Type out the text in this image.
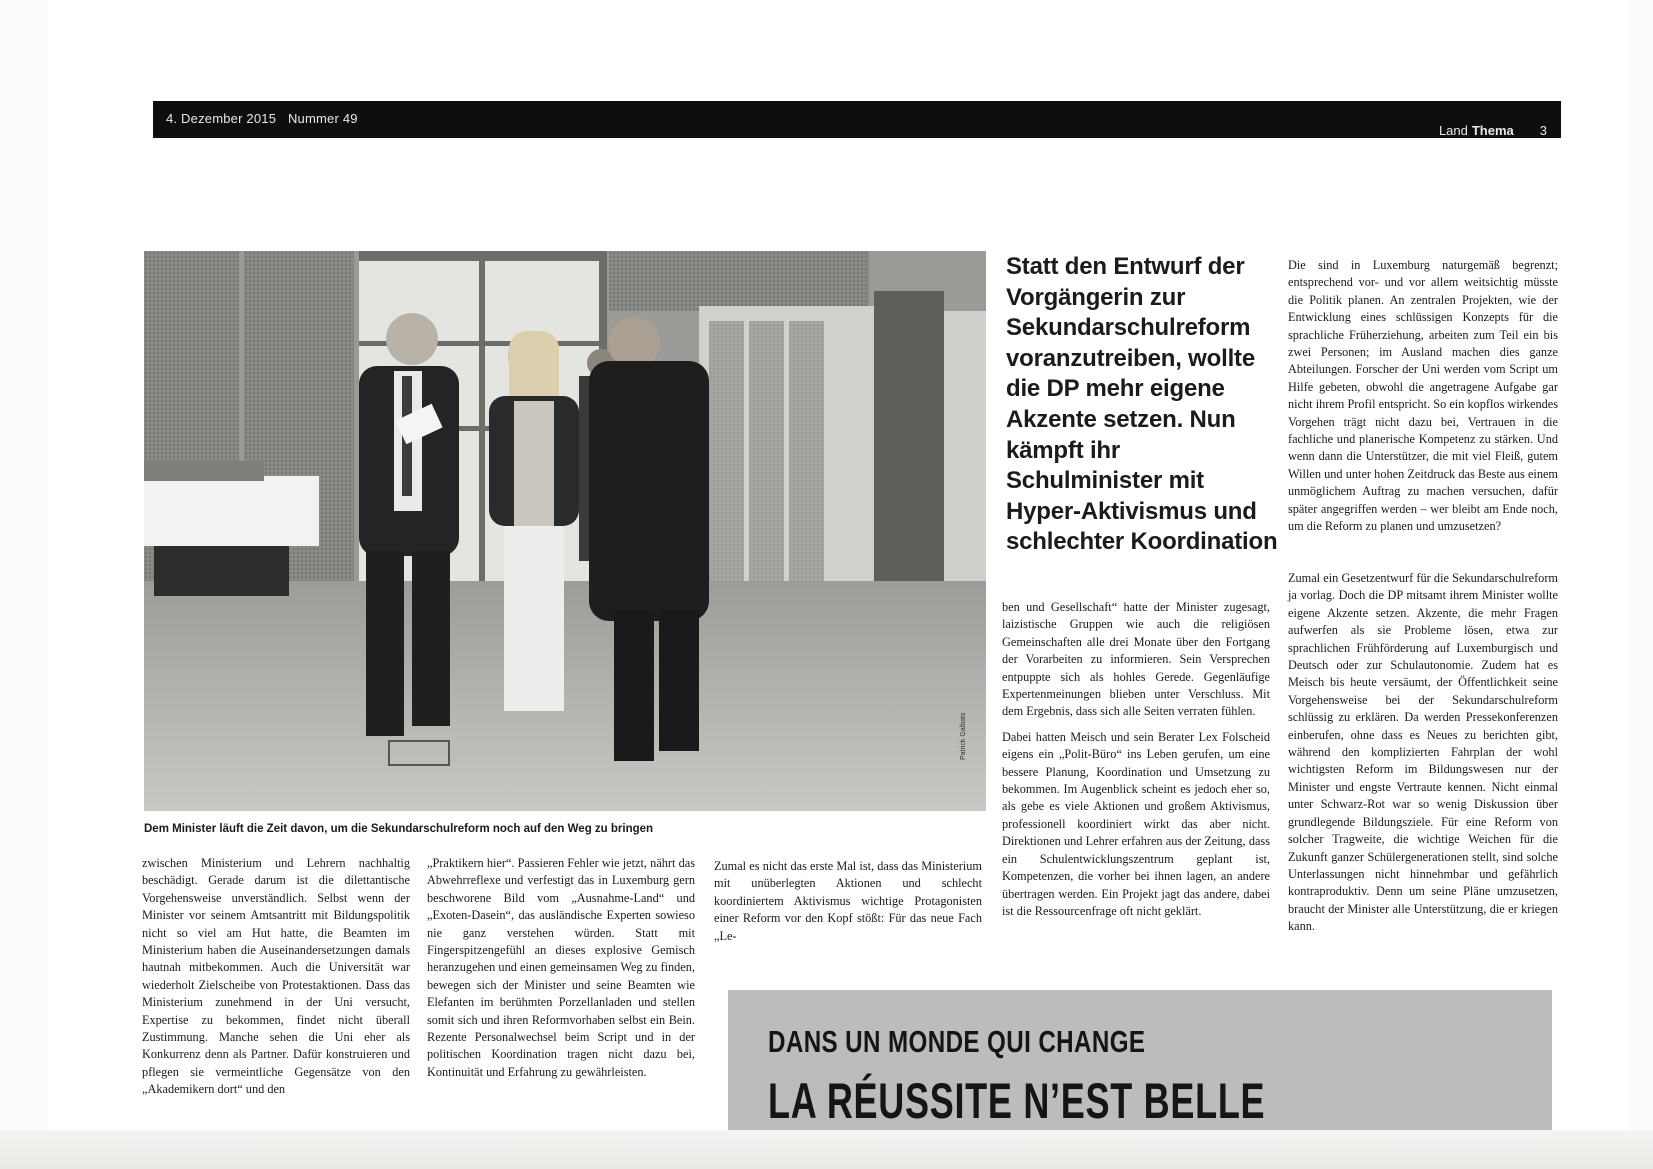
4. Dezember 2015 Nummer 49
Land Thema 3
Patrick Galbats
Dem Minister läuft die Zeit davon, um die Sekundarschulreform noch auf den Weg zu bringen
Statt den Entwurf der Vorgängerin zur Sekundarschulreform voranzutreiben, wollte die DP mehr eigene Akzente setzen. Nun kämpft ihr Schulminister mit Hyper-Aktivismus und schlechter Koordination

zwischen Ministerium und Lehrern nachhaltig beschädigt. Gerade darum ist die dilettantische Vorgehensweise unverständlich. Selbst wenn der Minister vor seinem Amtsantritt mit Bildungspolitik nicht so viel am Hut hatte, die Beamten im Ministerium haben die Auseinandersetzungen damals hautnah mitbekommen. Auch die Universität war wiederholt Zielscheibe von Protestaktionen. Dass das Ministerium zunehmend in der Uni versucht, Expertise zu bekommen, findet nicht überall Zustimmung. Manche sehen die Uni eher als Konkurrenz denn als Partner. Dafür konstruieren und pflegen sie vermeintliche Gegensätze von den „Akademikern dort“ und den

„Praktikern hier“. Passieren Fehler wie jetzt, nährt das Abwehrreflexe und verfestigt das in Luxemburg gern beschworene Bild vom „Ausnahme-Land“ und „Exoten-Dasein“, das ausländische Experten sowieso nie ganz verstehen würden. Statt mit Fingerspitzengefühl an dieses explosive Gemisch heranzugehen und einen gemeinsamen Weg zu finden, bewegen sich der Minister und seine Beamten wie Elefanten im berühmten Porzellanladen und stellen somit sich und ihren Reformvorhaben selbst ein Bein. Rezente Personalwechsel beim Script und in der politischen Koordination tragen nicht dazu bei, Kontinuität und Erfahrung zu gewährleisten.

Zumal es nicht das erste Mal ist, dass das Ministerium mit unüberlegten Aktionen und schlecht koordiniertem Aktivismus wichtige Protagonisten einer Reform vor den Kopf stößt: Für das neue Fach „Le-

ben und Gesellschaft“ hatte der Minister zugesagt, laizistische Gruppen wie auch die religiösen Gemeinschaften alle drei Monate über den Fortgang der Vorarbeiten zu informieren. Sein Versprechen entpuppte sich als hohles Gerede. Gegenläufige Expertenmeinungen blieben unter Verschluss. Mit dem Ergebnis, dass sich alle Seiten verraten fühlen.

Dabei hatten Meisch und sein Berater Lex Folscheid eigens ein „Polit-Büro“ ins Leben gerufen, um eine bessere Planung, Koordination und Umsetzung zu bekommen. Im Augenblick scheint es jedoch eher so, als gebe es viele Aktionen und großem Aktivismus, professionell koordiniert wirkt das aber nicht. Direktionen und Lehrer erfahren aus der Zeitung, dass ein Schulentwicklungszentrum geplant ist, Kompetenzen, die vorher bei ihnen lagen, an andere übertragen werden. Ein Projekt jagt das andere, dabei ist die Ressourcenfrage oft nicht geklärt.

Die sind in Luxemburg naturgemäß begrenzt; entsprechend vor- und vor allem weitsichtig müsste die Politik planen. An zentralen Projekten, wie der Entwicklung eines schlüssigen Konzepts für die sprachliche Früherziehung, arbeiten zum Teil ein bis zwei Personen; im Ausland machen dies ganze Abteilungen. Forscher der Uni werden vom Script um Hilfe gebeten, obwohl die angetragene Aufgabe gar nicht ihrem Profil entspricht. So ein kopflos wirkendes Vorgehen trägt nicht dazu bei, Vertrauen in die fachliche und planerische Kompetenz zu stärken. Und wenn dann die Unterstützer, die mit viel Fleiß, gutem Willen und unter hohen Zeitdruck das Beste aus einem unmöglichem Auftrag zu machen versuchen, dafür später angegriffen werden – wer bleibt am Ende noch, um die Reform zu planen und umzusetzen?

Zumal ein Gesetzentwurf für die Sekundarschulreform ja vorlag. Doch die DP mitsamt ihrem Minister wollte eigene Akzente setzen. Akzente, die mehr Fragen aufwerfen als sie Probleme lösen, etwa zur sprachlichen Frühförderung auf Luxemburgisch und Deutsch oder zur Schulautonomie. Zudem hat es Meisch bis heute versäumt, der Öffentlichkeit seine Vorgehensweise bei der Sekundarschulreform schlüssig zu erklären. Da werden Pressekonferenzen einberufen, ohne dass es Neues zu berichten gibt, während den komplizierten Fahrplan der wohl wichtigsten Reform im Bildungswesen nur der Minister und engste Vertraute kennen. Nicht einmal unter Schwarz-Rot war so wenig Diskussion über grundlegende Bildungsziele. Für eine Reform von solcher Tragweite, die wichtige Weichen für die Zukunft ganzer Schülergenerationen stellt, sind solche Unterlassungen nicht hinnehmbar und gefährlich kontraproduktiv. Denn um seine Pläne umzusetzen, braucht der Minister alle Unterstützung, die er kriegen kann.

DANS UN MONDE QUI CHANGE
LA RÉUSSITE N’EST BELLE
